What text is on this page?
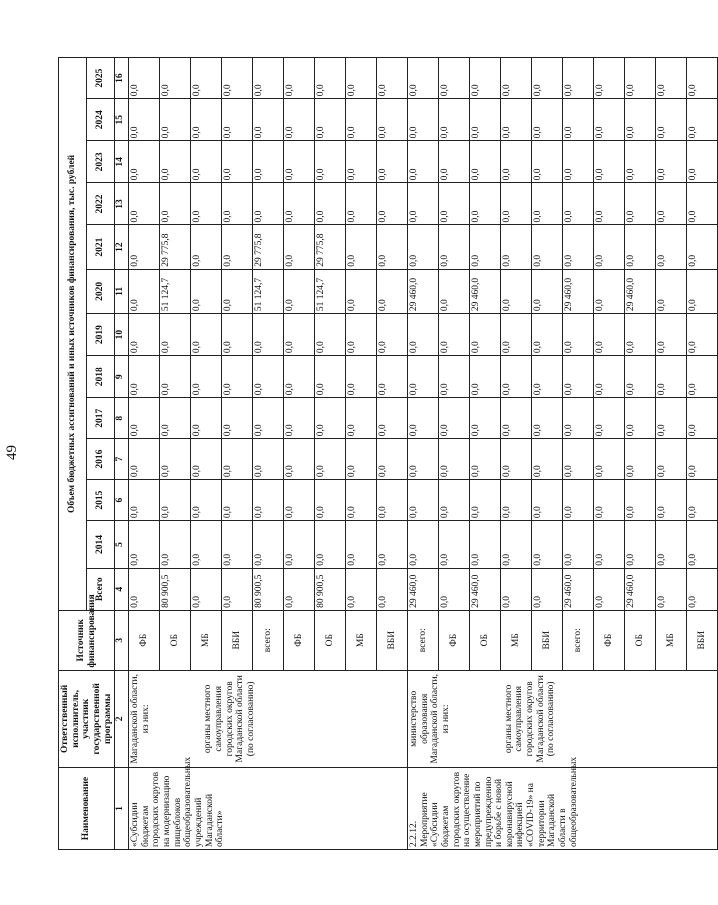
49
Наименование	Ответственный исполнитель, участник государственной программы	Источник финансирования	Объем бюджетных ассигнований и иных источников финансирования, тыс. рублей												
			Всего	2014	2015	2016	2017	2018	2019	2020	2021	2022	2023	2024	2025
1	2	3	4	5	6	7	8	9	10	11	12	13	14	15	16
«Субсидии бюджетам городских округов на модернизацию пищеблоков общеобразовательных учреждений Магаданской области»	Магаданской области, из них: органы местного самоуправления городских округов Магаданской области (по согласованию)	ФБ	0,0	0,0	0,0	0,0	0,0	0,0	0,0	0,0	0,0	0,0	0,0	0,0	0,0
		ОБ	80 900,5	0,0	0,0	0,0	0,0	0,0	0,0	51 124,7	29 775,8	0,0	0,0	0,0	0,0
		МБ	0,0	0,0	0,0	0,0	0,0	0,0	0,0	0,0	0,0	0,0	0,0	0,0	0,0
		ВБИ	0,0	0,0	0,0	0,0	0,0	0,0	0,0	0,0	0,0	0,0	0,0	0,0	0,0
		всего:	80 900,5	0,0	0,0	0,0	0,0	0,0	0,0	51 124,7	29 775,8	0,0	0,0	0,0	0,0
		ФБ	0,0	0,0	0,0	0,0	0,0	0,0	0,0	0,0	0,0	0,0	0,0	0,0	0,0
		ОБ	80 900,5	0,0	0,0	0,0	0,0	0,0	0,0	51 124,7	29 775,8	0,0	0,0	0,0	0,0
		МБ	0,0	0,0	0,0	0,0	0,0	0,0	0,0	0,0	0,0	0,0	0,0	0,0	0,0
		ВБИ	0,0	0,0	0,0	0,0	0,0	0,0	0,0	0,0	0,0	0,0	0,0	0,0	0,0
2.2.12. Мероприятие «Субсидии бюджетам городских округов на осуществление мероприятий по предупреждению и борьбе с новой коронавирусной инфекцией «COVID-19» на территории Магаданской области в общеобразовательных	министерство образования Магаданской области, из них: органы местного самоуправления городских округов Магаданской области (по согласованию)	всего:	29 460,0	0,0	0,0	0,0	0,0	0,0	0,0	29 460,0	0,0	0,0	0,0	0,0	0,0
		ФБ	0,0	0,0	0,0	0,0	0,0	0,0	0,0	0,0	0,0	0,0	0,0	0,0	0,0
		ОБ	29 460,0	0,0	0,0	0,0	0,0	0,0	0,0	29 460,0	0,0	0,0	0,0	0,0	0,0
		МБ	0,0	0,0	0,0	0,0	0,0	0,0	0,0	0,0	0,0	0,0	0,0	0,0	0,0
		ВБИ	0,0	0,0	0,0	0,0	0,0	0,0	0,0	0,0	0,0	0,0	0,0	0,0	0,0
		всего:	29 460,0	0,0	0,0	0,0	0,0	0,0	0,0	29 460,0	0,0	0,0	0,0	0,0	0,0
		ФБ	0,0	0,0	0,0	0,0	0,0	0,0	0,0	0,0	0,0	0,0	0,0	0,0	0,0
		ОБ	29 460,0	0,0	0,0	0,0	0,0	0,0	0,0	29 460,0	0,0	0,0	0,0	0,0	0,0
		МБ	0,0	0,0	0,0	0,0	0,0	0,0	0,0	0,0	0,0	0,0	0,0	0,0	0,0
		ВБИ	0,0	0,0	0,0	0,0	0,0	0,0	0,0	0,0	0,0	0,0	0,0	0,0	0,0
